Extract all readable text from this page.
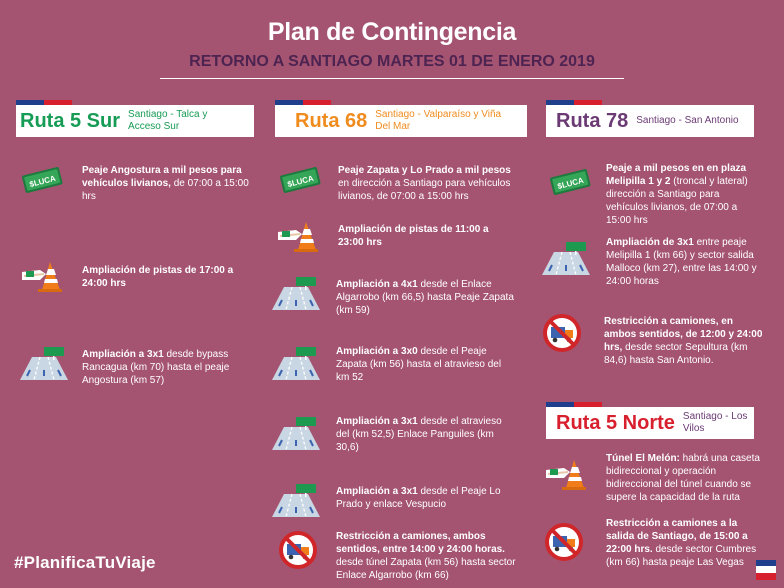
Plan de Contingencia
RETORNO A SANTIAGO MARTES 01 DE ENERO 2019
Ruta 5 Sur Santiago - Talca y Acceso Sur	Ruta 68 Santiago - Valparaíso y Viña Del Mar	Ruta 78 Santiago - San Antonio
Ruta 5 Norte Santiago - Los Vilos
Peaje Angostura a mil pesos para vehículos livianos, de 07:00 a 15:00 hrs
Ampliación de pistas de 17:00 a 24:00 hrs
Ampliación a 3x1 desde bypass Rancagua (km 70) hasta el peaje Angostura (km 57)
Peaje Zapata y Lo Prado a mil pesos en dirección a Santiago para vehículos livianos, de 07:00 a 15:00 hrs
Ampliación de pistas de 11:00 a 23:00 hrs
Ampliación a 4x1 desde el Enlace Algarrobo (km 66,5) hasta Peaje Zapata (km 59)
Ampliación a 3x0 desde el Peaje Zapata (km 56) hasta el atravieso del km 52
Ampliación a 3x1 desde el atravieso del (km 52,5) Enlace Panguiles (km 30,6)
Ampliación a 3x1 desde el Peaje Lo Prado y enlace Vespucio
Restricción a camiones, ambos sentidos, entre 14:00 y 24:00 horas. desde túnel Zapata (km 56) hasta sector Enlace Algarrobo (km 66)
Peaje a mil pesos en en plaza Melipilla 1 y 2 (troncal y lateral) dirección a Santiago para vehículos livianos, de 07:00 a 15:00 hrs
Ampliación de 3x1 entre peaje Melipilla 1 (km 66) y sector salida Malloco (km 27), entre las 14:00 y 24:00 horas
Restricción a camiones, en ambos sentidos, de 12:00 y 24:00 hrs, desde sector Sepultura (km 84,6) hasta San Antonio.
Túnel El Melón: habrá una caseta bidireccional y operación bidireccional del túnel cuando se supere la capacidad de la ruta
Restricción a camiones a la salida de Santiago, de 15:00 a 22:00 hrs. desde sector Cumbres (km 66) hasta peaje Las Vegas
#PlanificaTuViaje
